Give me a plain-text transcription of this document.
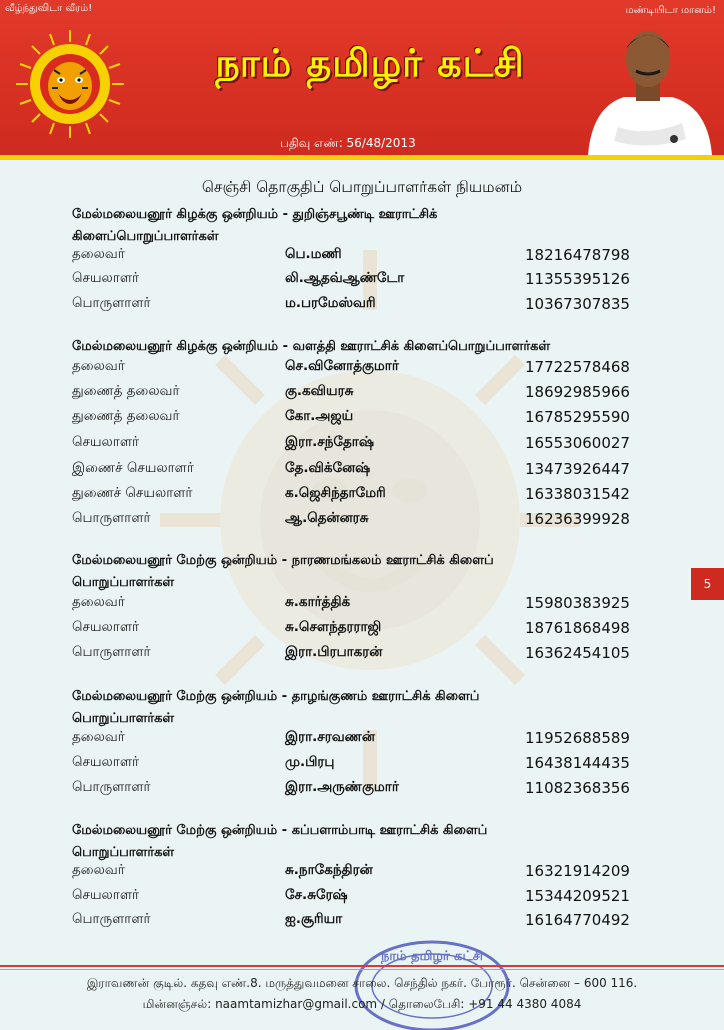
வீழ்ந்துவிடா வீரம்!	மண்டியிடா மானம்!
நாம் தமிழர் கட்சி
பதிவு எண்: 56/48/2013
செஞ்சி தொகுதிப் பொறுப்பாளர்கள் நியமனம்
மேல்மலையனூர் கிழக்கு ஒன்றியம் - துறிஞ்சபூண்டி ஊராட்சிக்
கிளைப்பொறுப்பாளர்கள்
தலைவர்	பெ.மணி	18216478798
செயலாளர்	லி.ஆதவ்ஆண்டோ	11355395126
பொருளாளர்	ம.பரமேஸ்வரி	10367307835
மேல்மலையனூர் கிழக்கு ஒன்றியம் - வளத்தி ஊராட்சிக் கிளைப்பொறுப்பாளர்கள்
தலைவர்	செ.வினோத்குமார்	17722578468
துணைத் தலைவர்	கு.கவியரசு	18692985966
துணைத் தலைவர்	கோ.அஜய்	16785295590
செயலாளர்	இரா.சந்தோஷ்	16553060027
இணைச் செயலாளர்	தே.விக்னேஷ்	13473926447
துணைச் செயலாளர்	க.ஜெசிந்தாமேரி	16338031542
பொருளாளர்	ஆ.தென்னரசு	16236399928
மேல்மலையனூர் மேற்கு ஒன்றியம் - நாரணமங்கலம் ஊராட்சிக் கிளைப்
பொறுப்பாளர்கள்
தலைவர்	சு.கார்த்திக்	15980383925
செயலாளர்	சு.சௌந்தரராஜி	18761868498
பொருளாளர்	இரா.பிரபாகரன்	16362454105
மேல்மலையனூர் மேற்கு ஒன்றியம் - தாழங்குணம் ஊராட்சிக் கிளைப்
பொறுப்பாளர்கள்
தலைவர்	இரா.சரவணன்	11952688589
செயலாளர்	மு.பிரபு	16438144435
பொருளாளர்	இரா.அருண்குமார்	11082368356
மேல்மலையனூர் மேற்கு ஒன்றியம் - கப்பளாம்பாடி ஊராட்சிக் கிளைப்
பொறுப்பாளர்கள்
தலைவர்	சு.நாகேந்திரன்	16321914209
செயலாளர்	சே.சுரேஷ்	15344209521
பொருளாளர்	ஐ.சூரியா	16164770492
5
நாம் தமிழர் கட்சி
இராவணன் குடில். கதவு எண்.8. மருத்துவமனை சாலை. செந்தில் நகர். போரூர். சென்னை – 600 116.
மின்னஞ்சல்: naamtamizhar@gmail.com / தொலைபேசி: +91 44 4380 4084
